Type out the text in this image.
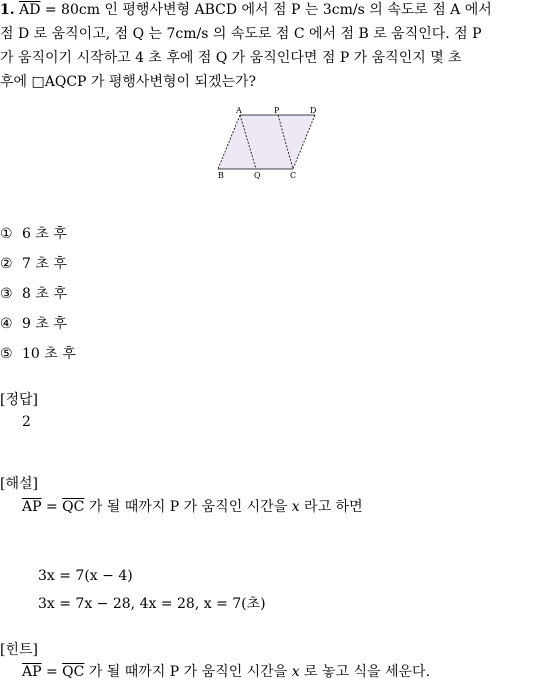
1. $\overline{AD} = 80cm$ 인 평행사변형 ABCD 에서 점 P 는 3cm/s 의 속도로 점 A 에서
점 D 로 움직이고, 점 Q 는 7cm/s 의 속도로 점 C 에서 점 B 로 움직인다. 점 P
가 움직이기 시작하고 4 초 후에 점 Q 가 움직인다면 점 P 가 움직인지 몇 초
후에 □AQCP 가 평행사변형이 되겠는가?
A	P	D
B	Q	C
① 6 초 후
② 7 초 후
③ 8 초 후
④ 9 초 후
⑤ 10 초 후
[정답]
2
[해설]
$\overline{AP} = \overline{QC}$ 가 될 때까지 P 가 움직인 시간을 x 라고 하면
3x = 7(x − 4)
3x = 7x − 28, 4x = 28, x = 7(초)
[힌트]
$\overline{AP} = \overline{QC}$ 가 될 때까지 P 가 움직인 시간을 x 로 놓고 식을 세운다.
